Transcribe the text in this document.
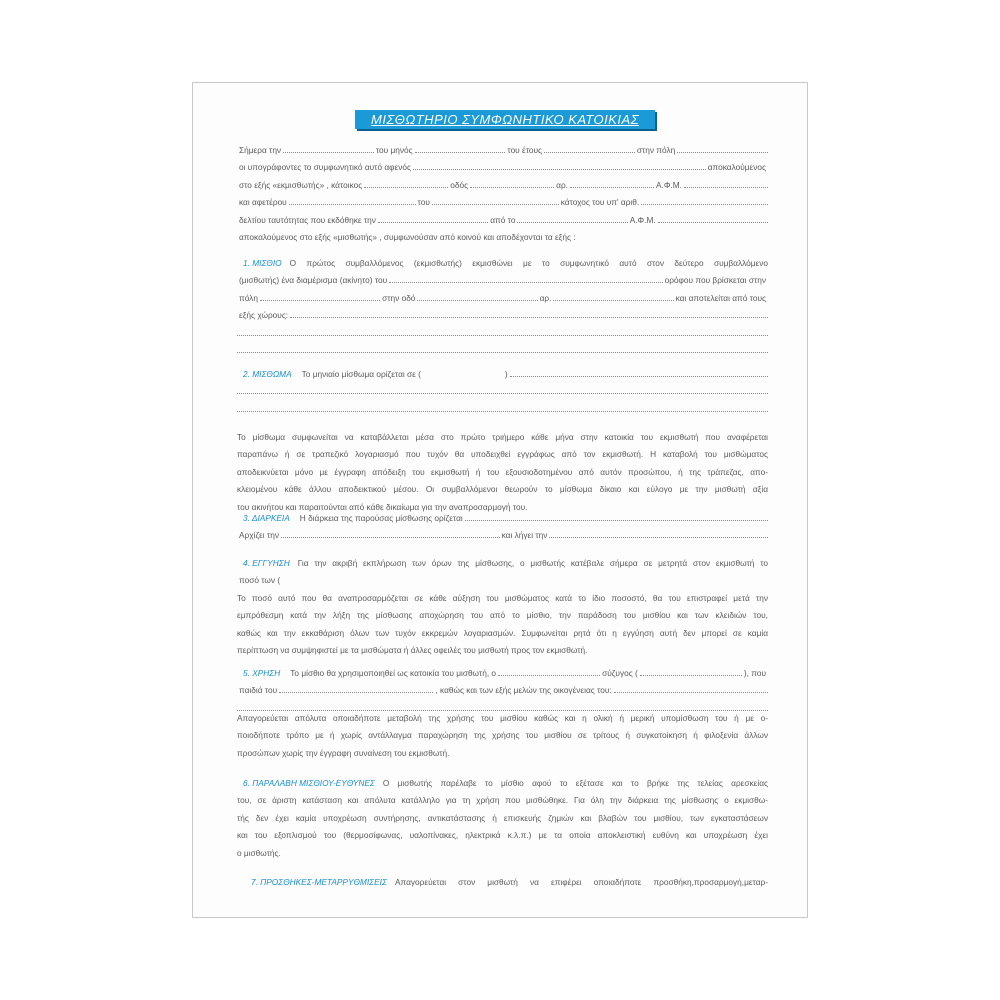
ΜΙΣΘΩΤΗΡΙΟ ΣΥΜΦΩΝΗΤΙΚΟ ΚΑΤΟΙΚΙΑΣ
Σήμερα την	του μηνός	του έτους	στην πόλη
οι υπογράφοντες το συμφωνητικό αυτό αφενός	αποκαλούμενος
στο εξής «εκμισθωτής» , κάτοικος	οδός	αρ.	Α.Φ.Μ.
και αφετέρου	του	κάτοχος του υπ' αριθ.
δελτίου ταυτότητας που εκδόθηκε την	από το	Α.Φ.Μ.
αποκαλούμενος στο εξής «μισθωτής» , συμφωνούσαν από κοινού και αποδέχονται τα εξής :
1. ΜΙΣΘΙΟ Ο πρώτος συμβαλλόμενος (εκμισθωτής) εκμισθώνει με το συμφωνητικό αυτό στον δεύτερο συμβαλλόμενο
(μισθωτής) ένα διαμέρισμα (ακίνητο) του	ορόφου που βρίσκεται στην
πόλη	στην οδό	αρ.	και αποτελείται από τους
εξής χώρους:
2. ΜΙΣΘΩΜΑ	Το μηνιαίο μίσθωμα ορίζεται σε (	)
Το μίσθωμα συμφωνείται να καταβάλλεται μέσα στο πρώτο τριήμερο κάθε μήνα στην κατοικία του εκμισθωτή που αναφέρεται
παραπάνω ή σε τραπεζικό λογαριασμό που τυχόν θα υποδειχθεί εγγράφως από τον εκμισθωτή. Η καταβολή του μισθώματος
αποδεικνύεται μόνο με έγγραφη απόδειξη του εκμισθωτή ή του εξουσιοδοτημένου από αυτόν προσώπου, ή της τράπεζας, απο-
κλειομένου κάθε άλλου αποδεικτικού μέσου. Οι συμβαλλόμενοι θεωρούν το μίσθωμα δίκαιο και εύλογο με την μισθωτή αξία
του ακινήτου και παραιτούνται από κάθε δικαίωμα για την αναπροσαρμογή του.
3. ΔΙΑΡΚΕΙΑ	Η διάρκεια της παρούσας μίσθωσης ορίζεται
Αρχίζει την	και λήγει την
4. ΕΓΓΥΗΣΗ Για την ακριβή εκπλήρωση των όρων της μίσθωσης, ο μισθωτής κατέβαλε σήμερα σε μετρητά στον εκμισθωτή το
ποσό των (
Το ποσό αυτό που θα αναπροσαρμόζεται σε κάθε αύξηση του μισθώματος κατά το ίδιο ποσοστό, θα του επιστραφεί μετά την
εμπρόθεσμη κατά την λήξη της μίσθωσης αποχώρηση του από το μίσθιο, την παράδοση του μισθίου και των κλειδιών του,
καθώς και την εκκαθάριση όλων των τυχόν εκκρεμών λογαριασμών. Συμφωνείται ρητά ότι η εγγύηση αυτή δεν μπορεί σε καμία
περίπτωση να συμψηφιστεί με τα μισθώματα ή άλλες οφειλές του μισθωτή προς τον εκμισθωτή.
5. ΧΡΗΣΗ	Το μίσθιο θα χρησιμοποιηθεί ως κατοικία του μισθωτή, ο	σύζυγος (	), που
παιδιά του	, καθώς και των εξής μελών της οικογένειας του:
Απαγορεύεται απόλυτα οποιαδήποτε μεταβολή της χρήσης του μισθίου καθώς και η ολική ή μερική υπομίσθωση του ή με ο-
ποιοδήποτε τρόπο με ή χωρίς αντάλλαγμα παραχώρηση της χρήσης του μισθίου σε τρίτους ή συγκατοίκηση ή φιλοξενία άλλων
προσώπων χωρίς την έγγραφη συναίνεση του εκμισθωτή.
6. ΠΑΡΑΛΑΒΗ ΜΙΣΘΙΟΥ-ΕΥΘΥΝΕΣ Ο μισθωτής παρέλαβε το μίσθιο αφού το εξέτασε και το βρήκε της τελείας αρεσκείας
του, σε άριστη κατάσταση και απόλυτα κατάλληλο για τη χρήση που μισθώθηκε. Για όλη την διάρκεια της μίσθωσης ο εκμισθω-
τής δεν έχει καμία υποχρέωση συντήρησης, αντικατάστασης ή επισκευής ζημιών και βλαβών του μισθίου, των εγκαταστάσεων
και του εξοπλισμού του (θερμοσίφωνας, υαλοπίνακες, ηλεκτρικά κ.λ.π.) με τα οποία αποκλειστική ευθύνη και υποχρέωση έχει
ο μισθωτής.
7. ΠΡΟΣΘΗΚΕΣ-ΜΕΤΑΡΡΥΘΜΙΣΕΙΣ Απαγορεύεται στον μισθωτή να επιφέρει οποιαδήποτε προσθήκη,προσαρμογή,μεταρ-
